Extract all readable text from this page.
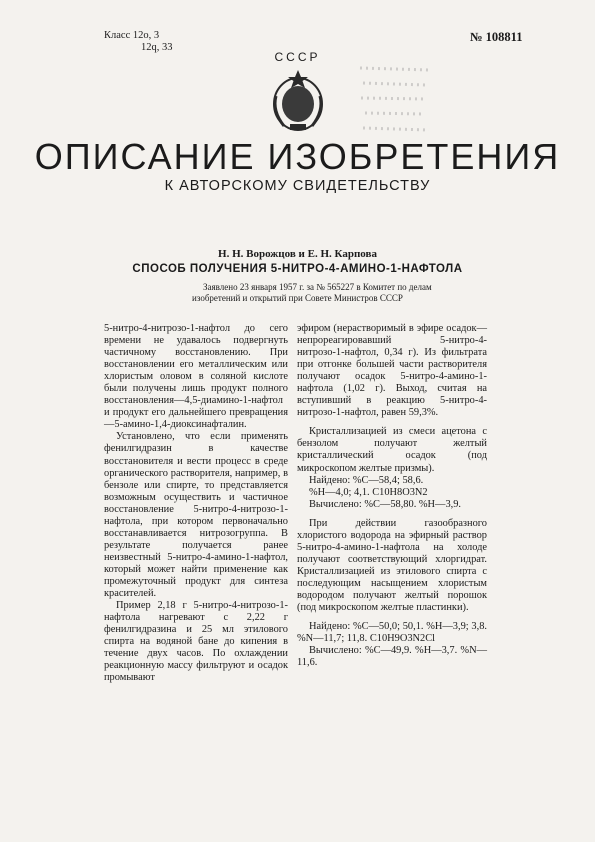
Класс 12о, 3
12q, 33
№ 108811
СССР
ОПИСАНИЕ ИЗОБРЕТЕНИЯ
К АВТОРСКОМУ СВИДЕТЕЛЬСТВУ
Н. Н. Ворожцов и Е. Н. Карпова
СПОСОБ ПОЛУЧЕНИЯ 5-НИТРО-4-АМИНО-1-НАФТОЛА
Заявлено 23 января 1957 г. за № 565227 в Комитет по делам
изобретений и открытий при Совете Министров СССР

5-нитро-4-нитрозо-1-нафтол до сего времени не удавалось подвергнуть частичному восстановлению. При восстановлении его металлическим или хлористым оловом в соляной кислоте были получены лишь продукт полного восстановления—4,5-диамино-1-нафтол и продукт его дальнейшего превращения—5-амино-1,4-диоксинафталин.

Установлено, что если применять фенилгидразин в качестве восстановителя и вести процесс в среде органического растворителя, например, в бензоле или спирте, то представляется возможным осуществить и частичное восстановление 5-нитро-4-нитрозо-1-нафтола, при котором первоначально восстанавливается нитрозогруппа. В результате получается ранее неизвестный 5-нитро-4-амино-1-нафтол, который может найти применение как промежуточный продукт для синтеза красителей.

Пример 2,18 г 5-нитро-4-нитрозо-1-нафтола нагревают с 2,22 г фенилгидразина и 25 мл этилового спирта на водяной бане до кипения в течение двух часов. По охлаждении реакционную массу фильтруют и осадок промывают

эфиром (нерастворимый в эфире осадок—непрореагировавший 5-нитро-4-нитрозо-1-нафтол, 0,34 г). Из фильтрата при отгонке большей части растворителя получают осадок 5-нитро-4-амино-1-нафтола (1,02 г). Выход, считая на вступивший в реакцию 5-нитро-4-нитрозо-1-нафтол, равен 59,3%.

Кристаллизацией из смеси ацетона с бензолом получают желтый кристаллический осадок (под микроскопом желтые призмы).

Найдено: %С—58,4; 58,6.

%Н—4,0; 4,1. C10H8O3N2

Вычислено: %С—58,80. %Н—3,9.

При действии газообразного хлористого водорода на эфирный раствор 5-нитро-4-амино-1-нафтола на холоде получают соответствующий хлоргидрат. Кристаллизацией из этилового спирта с последующим насыщением хлористым водородом получают желтый порошок (под микроскопом желтые пластинки).

Найдено: %С—50,0; 50,1. %Н—3,9; 3,8. %N—11,7; 11,8. C10H9O3N2Cl

Вычислено: %С—49,9. %Н—3,7. %N—11,6.
